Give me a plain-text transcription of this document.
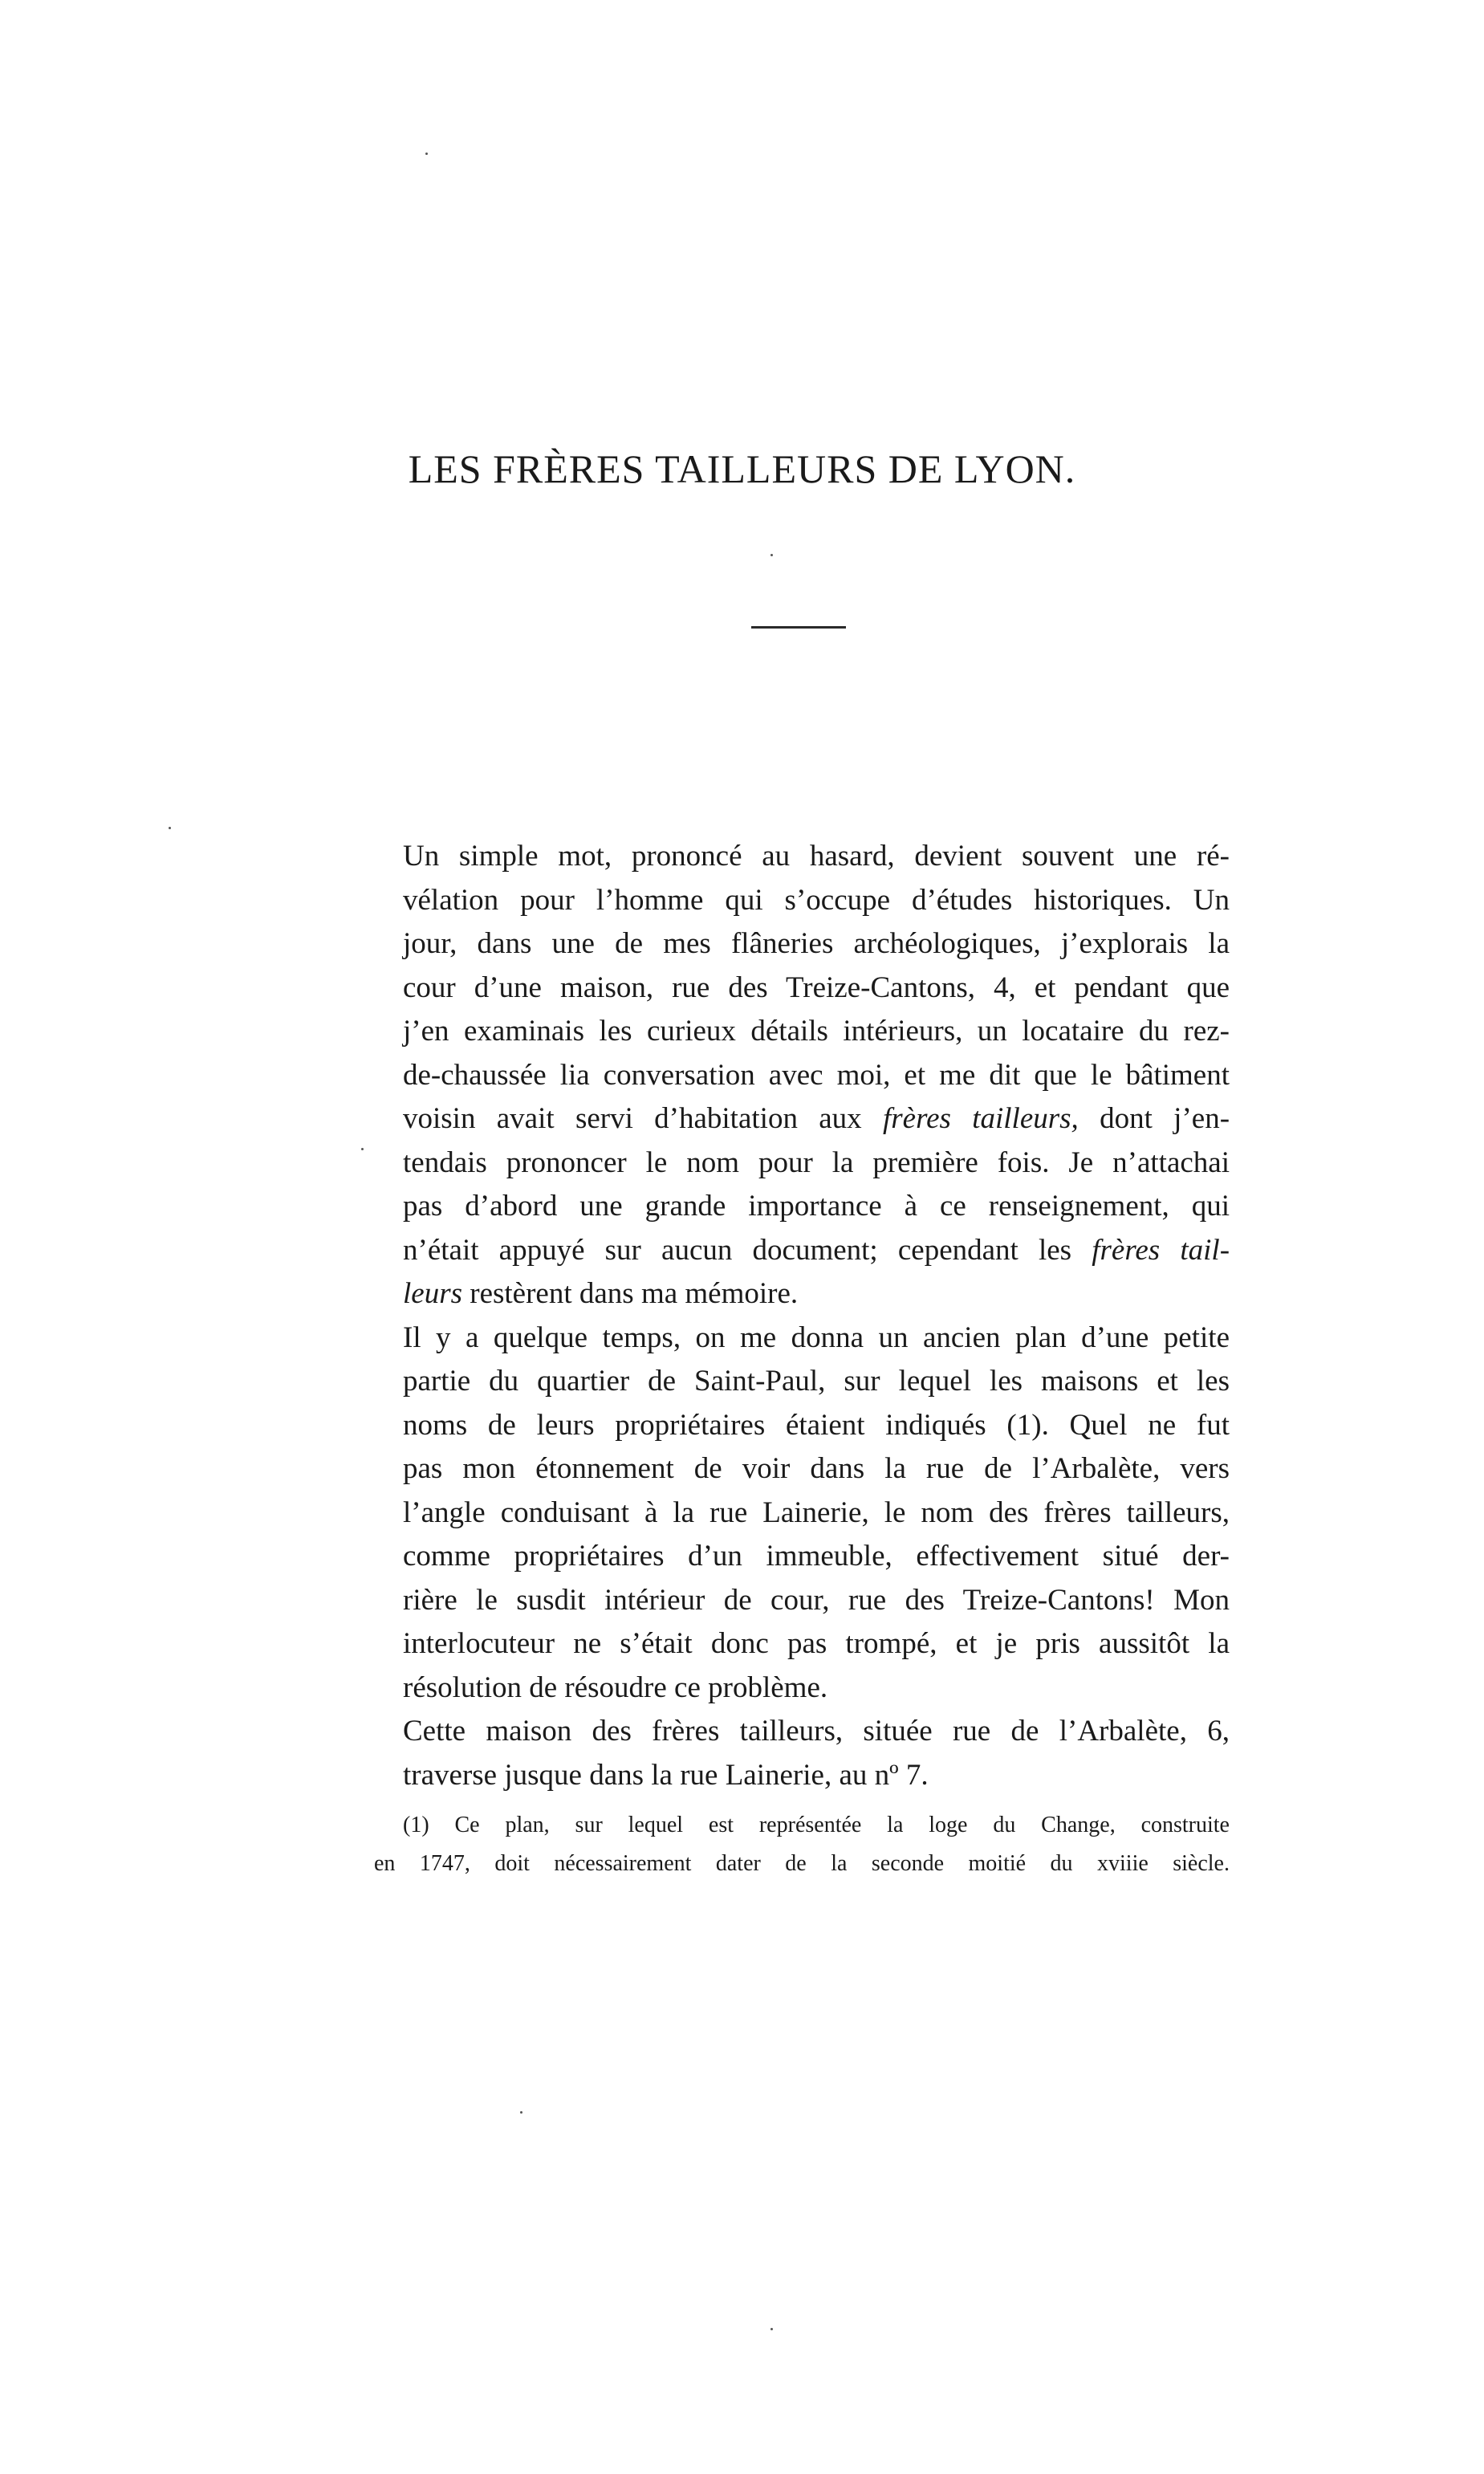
LES FRÈRES TAILLEURS DE LYON.

Un simple mot, prononcé au hasard, devient souvent une ré-
vélation pour l’homme qui s’occupe d’études historiques. Un
jour, dans une de mes flâneries archéologiques, j’explorais la
cour d’une maison, rue des Treize-Cantons, 4, et pendant que
j’en examinais les curieux détails intérieurs, un locataire du rez-
de-chaussée lia conversation avec moi, et me dit que le bâtiment
voisin avait servi d’habitation aux frères tailleurs, dont j’en-
tendais prononcer le nom pour la première fois. Je n’attachai
pas d’abord une grande importance à ce renseignement, qui
n’était appuyé sur aucun document; cependant les frères tail-
leurs restèrent dans ma mémoire.

Il y a quelque temps, on me donna un ancien plan d’une petite
partie du quartier de Saint-Paul, sur lequel les maisons et les
noms de leurs propriétaires étaient indiqués (1). Quel ne fut
pas mon étonnement de voir dans la rue de l’Arbalète, vers
l’angle conduisant à la rue Lainerie, le nom des frères tailleurs,
comme propriétaires d’un immeuble, effectivement situé der-
rière le susdit intérieur de cour, rue des Treize-Cantons! Mon
interlocuteur ne s’était donc pas trompé, et je pris aussitôt la
résolution de résoudre ce problème.

Cette maison des frères tailleurs, située rue de l’Arbalète, 6,
traverse jusque dans la rue Lainerie, au nº 7.

(1) Ce plan, sur lequel est représentée la loge du Change, construite
en 1747, doit nécessairement dater de la seconde moitié du xviiie siècle.
